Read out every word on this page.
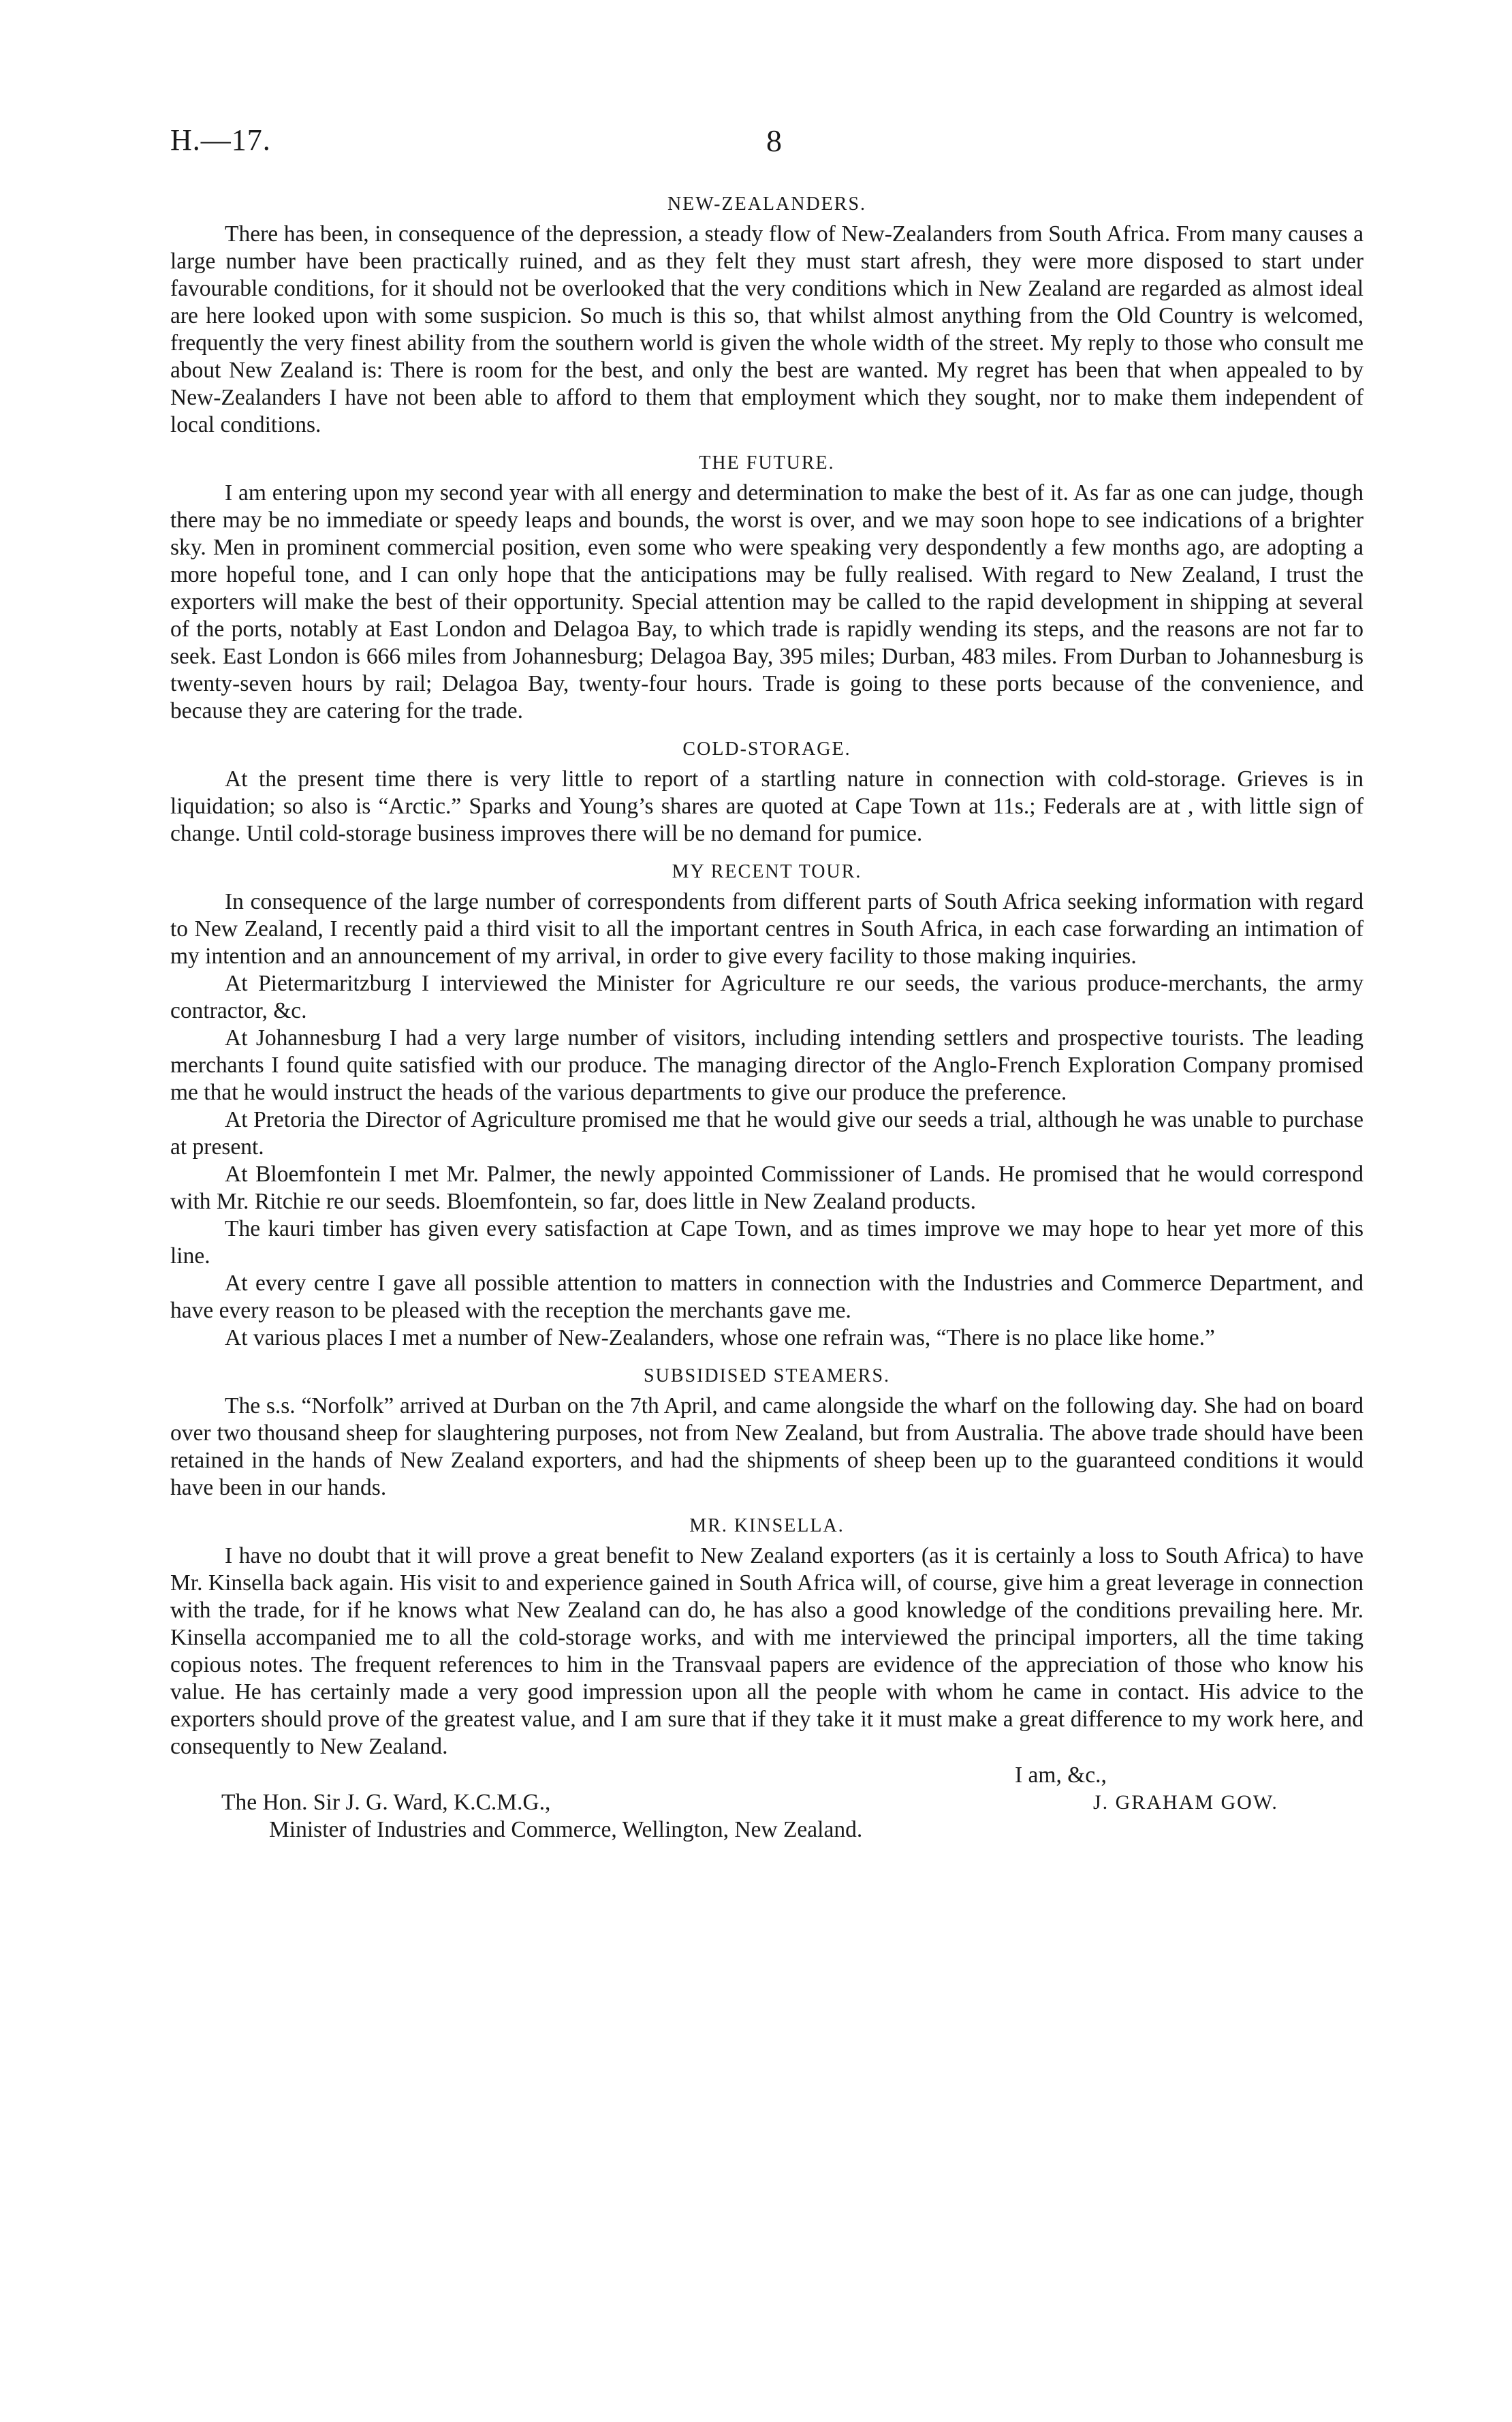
H.—17.	8
NEW-ZEALANDERS.

There has been, in consequence of the depression, a steady flow of New-Zealanders from South Africa. From many causes a large number have been practically ruined, and as they felt they must start afresh, they were more disposed to start under favourable conditions, for it should not be overlooked that the very conditions which in New Zealand are regarded as almost ideal are here looked upon with some suspicion. So much is this so, that whilst almost anything from the Old Country is welcomed, frequently the very finest ability from the southern world is given the whole width of the street. My reply to those who consult me about New Zealand is: There is room for the best, and only the best are wanted. My regret has been that when appealed to by New-Zealanders I have not been able to afford to them that employment which they sought, nor to make them independent of local conditions.

THE FUTURE.

I am entering upon my second year with all energy and determination to make the best of it. As far as one can judge, though there may be no immediate or speedy leaps and bounds, the worst is over, and we may soon hope to see indications of a brighter sky. Men in prominent commercial position, even some who were speaking very despondently a few months ago, are adopting a more hopeful tone, and I can only hope that the anticipations may be fully realised. With regard to New Zealand, I trust the exporters will make the best of their opportunity. Special attention may be called to the rapid development in shipping at several of the ports, notably at East London and Delagoa Bay, to which trade is rapidly wending its steps, and the reasons are not far to seek. East London is 666 miles from Johannesburg; Delagoa Bay, 395 miles; Durban, 483 miles. From Durban to Johannesburg is twenty-seven hours by rail; Delagoa Bay, twenty-four hours. Trade is going to these ports because of the convenience, and because they are catering for the trade.

COLD-STORAGE.

At the present time there is very little to report of a startling nature in connection with cold-storage. Grieves is in liquidation; so also is “Arctic.” Sparks and Young’s shares are quoted at Cape Town at 11s.; Federals are at , with little sign of change. Until cold-storage business improves there will be no demand for pumice.

MY RECENT TOUR.

In consequence of the large number of correspondents from different parts of South Africa seeking information with regard to New Zealand, I recently paid a third visit to all the important centres in South Africa, in each case forwarding an intimation of my intention and an announcement of my arrival, in order to give every facility to those making inquiries.

At Pietermaritzburg I interviewed the Minister for Agriculture re our seeds, the various produce-merchants, the army contractor, &c.

At Johannesburg I had a very large number of visitors, including intending settlers and prospective tourists. The leading merchants I found quite satisfied with our produce. The managing director of the Anglo-French Exploration Company promised me that he would instruct the heads of the various departments to give our produce the preference.

At Pretoria the Director of Agriculture promised me that he would give our seeds a trial, although he was unable to purchase at present.

At Bloemfontein I met Mr. Palmer, the newly appointed Commissioner of Lands. He promised that he would correspond with Mr. Ritchie re our seeds. Bloemfontein, so far, does little in New Zealand products.

The kauri timber has given every satisfaction at Cape Town, and as times improve we may hope to hear yet more of this line.

At every centre I gave all possible attention to matters in connection with the Industries and Commerce Department, and have every reason to be pleased with the reception the merchants gave me.

At various places I met a number of New-Zealanders, whose one refrain was, “There is no place like home.”

SUBSIDISED STEAMERS.

The s.s. “Norfolk” arrived at Durban on the 7th April, and came alongside the wharf on the following day. She had on board over two thousand sheep for slaughtering purposes, not from New Zealand, but from Australia. The above trade should have been retained in the hands of New Zealand exporters, and had the shipments of sheep been up to the guaranteed conditions it would have been in our hands.

MR. KINSELLA.

I have no doubt that it will prove a great benefit to New Zealand exporters (as it is certainly a loss to South Africa) to have Mr. Kinsella back again. His visit to and experience gained in South Africa will, of course, give him a great leverage in connection with the trade, for if he knows what New Zealand can do, he has also a good knowledge of the conditions prevailing here. Mr. Kinsella accompanied me to all the cold-storage works, and with me interviewed the principal importers, all the time taking copious notes. The frequent references to him in the Transvaal papers are evidence of the appreciation of those who know his value. He has certainly made a very good impression upon all the people with whom he came in contact. His advice to the exporters should prove of the greatest value, and I am sure that if they take it it must make a great difference to my work here, and consequently to New Zealand.

I am, &c.,
J. GRAHAM GOW.
The Hon. Sir J. G. Ward, K.C.M.G.,
Minister of Industries and Commerce, Wellington, New Zealand.
